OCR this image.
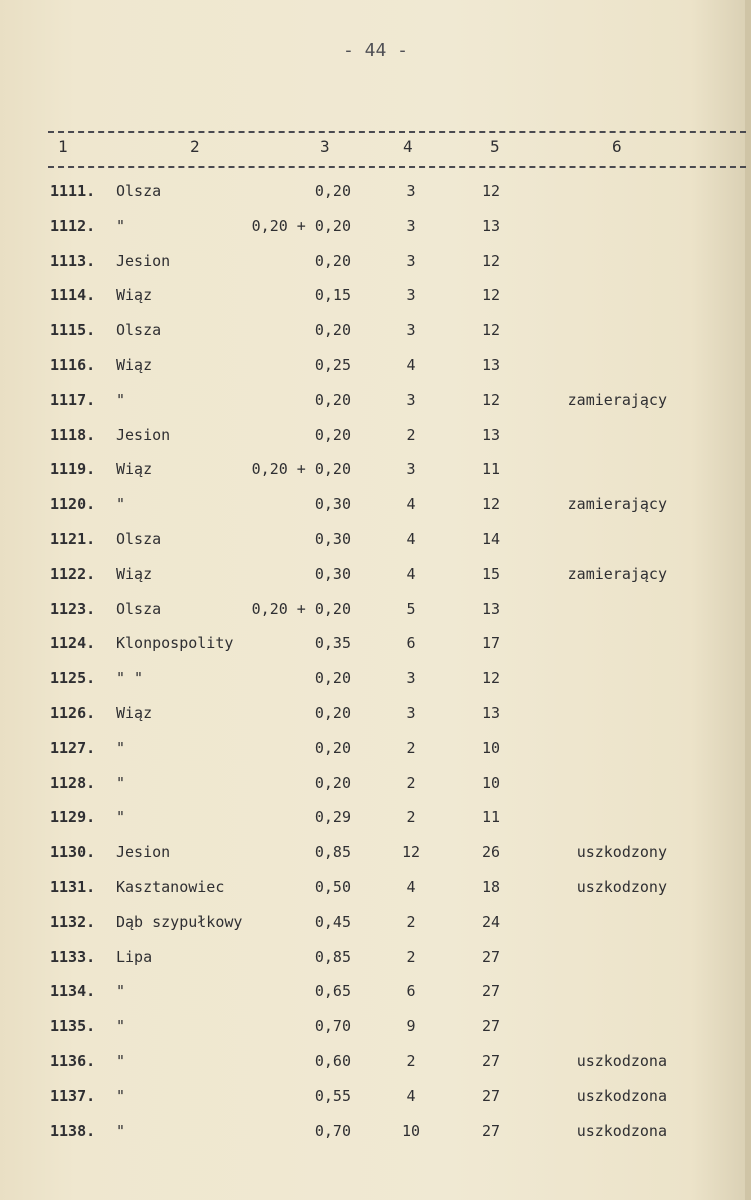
- 44 -
1	2	3	4	5	6
1111. Olsza	0,20	3	12
1112. "	0,20 + 0,20	3	13
1113. Jesion	0,20	3	12
1114. Wiąz	0,15	3	12
1115. Olsza	0,20	3	12
1116. Wiąz	0,25	4	13
1117. "	0,20	3	12	zamierający
1118. Jesion	0,20	2	13
1119. Wiąz	0,20 + 0,20	3	11
1120. "	0,30	4	12	zamierający
1121. Olsza	0,30	4	14
1122. Wiąz	0,30	4	15	zamierający
1123. Olsza	0,20 + 0,20	5	13
1124. Klonpospolity	0,35	6	17
1125. " "	0,20	3	12
1126. Wiąz	0,20	3	13
1127. "	0,20	2	10
1128. "	0,20	2	10
1129. "	0,29	2	11
1130. Jesion	0,85	12	26	uszkodzony
1131. Kasztanowiec	0,50	4	18	uszkodzony
1132. Dąb szypułkowy	0,45	2	24
1133. Lipa	0,85	2	27
1134. "	0,65	6	27
1135. "	0,70	9	27
1136. "	0,60	2	27	uszkodzona
1137. "	0,55	4	27	uszkodzona
1138. "	0,70	10	27	uszkodzona
